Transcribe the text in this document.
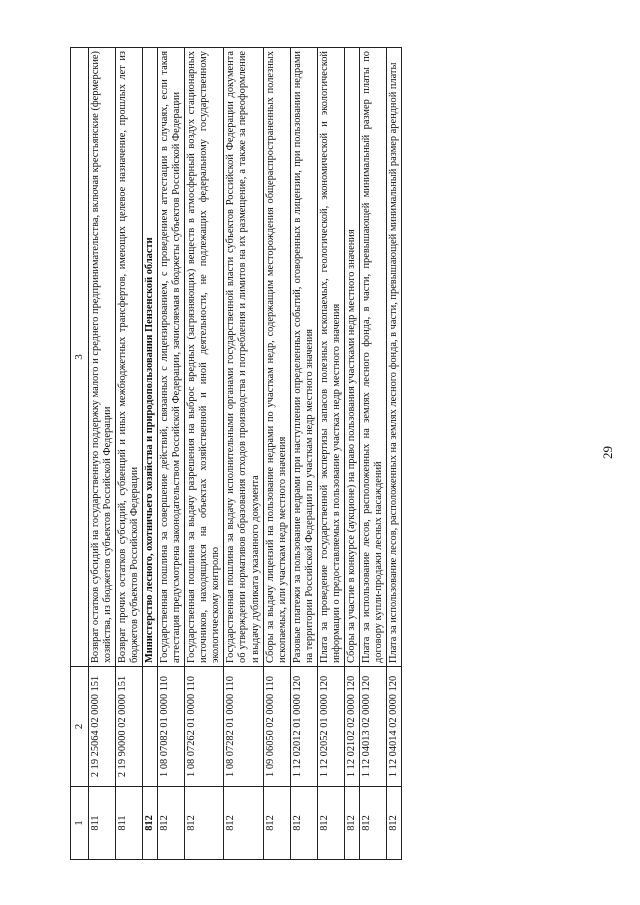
29
1	2	3
811	2 19 25064 02 0000 151	Возврат остатков субсидий на государственную поддержку малого и среднего предпринимательства, включая крестьянские (фермерские) хозяйства, из бюджетов субъектов Российской Федерации
811	2 19 90000 02 0000 151	Возврат прочих остатков субсидий, субвенций и иных межбюджетных трансфертов, имеющих целевое назначение, прошлых лет из бюджетов субъектов Российской Федерации
812		Министерство лесного, охотничьего хозяйства и природопользования Пензенской области
812	1 08 07082 01 0000 110	Государственная пошлина за совершение действий, связанных с лицензированием, с проведением аттестации в случаях, если такая аттестация предусмотрена законодательством Российской Федерации, зачисляемая в бюджеты субъектов Российской Федерации
812	1 08 07262 01 0000 110	Государственная пошлина за выдачу разрешения на выброс вредных (загрязняющих) веществ в атмосферный воздух стационарных источников, находящихся на объектах хозяйственной и иной деятельности, не подлежащих федеральному государственному экологическому контролю
812	1 08 07282 01 0000 110	Государственная пошлина за выдачу исполнительными органами государственной власти субъектов Российской Федерации документа об утверждении нормативов образования отходов производства и потребления и лимитов на их размещение, а также за переоформление и выдачу дубликата указанного документа
812	1 09 06050 02 0000 110	Сборы за выдачу лицензий на пользование недрами по участкам недр, содержащим месторождения общераспространенных полезных ископаемых, или участкам недр местного значения
812	1 12 02012 01 0000 120	Разовые платежи за пользование недрами при наступлении определенных событий, оговоренных в лицензии, при пользовании недрами на территории Российской Федерации по участкам недр местного значения
812	1 12 02052 01 0000 120	Плата за проведение государственной экспертизы запасов полезных ископаемых, геологической, экономической и экологической информации о предоставляемых в пользование участках недр местного значения
812	1 12 02102 02 0000 120	Сборы за участие в конкурсе (аукционе) на право пользования участками недр местного значения
812	1 12 04013 02 0000 120	Плата за использование лесов, расположенных на землях лесного фонда, в части, превышающей минимальный размер платы по договору купли-продажи лесных насаждений
812	1 12 04014 02 0000 120	Плата за использование лесов, расположенных на землях лесного фонда, в части, превышающей минимальный размер арендной платы
